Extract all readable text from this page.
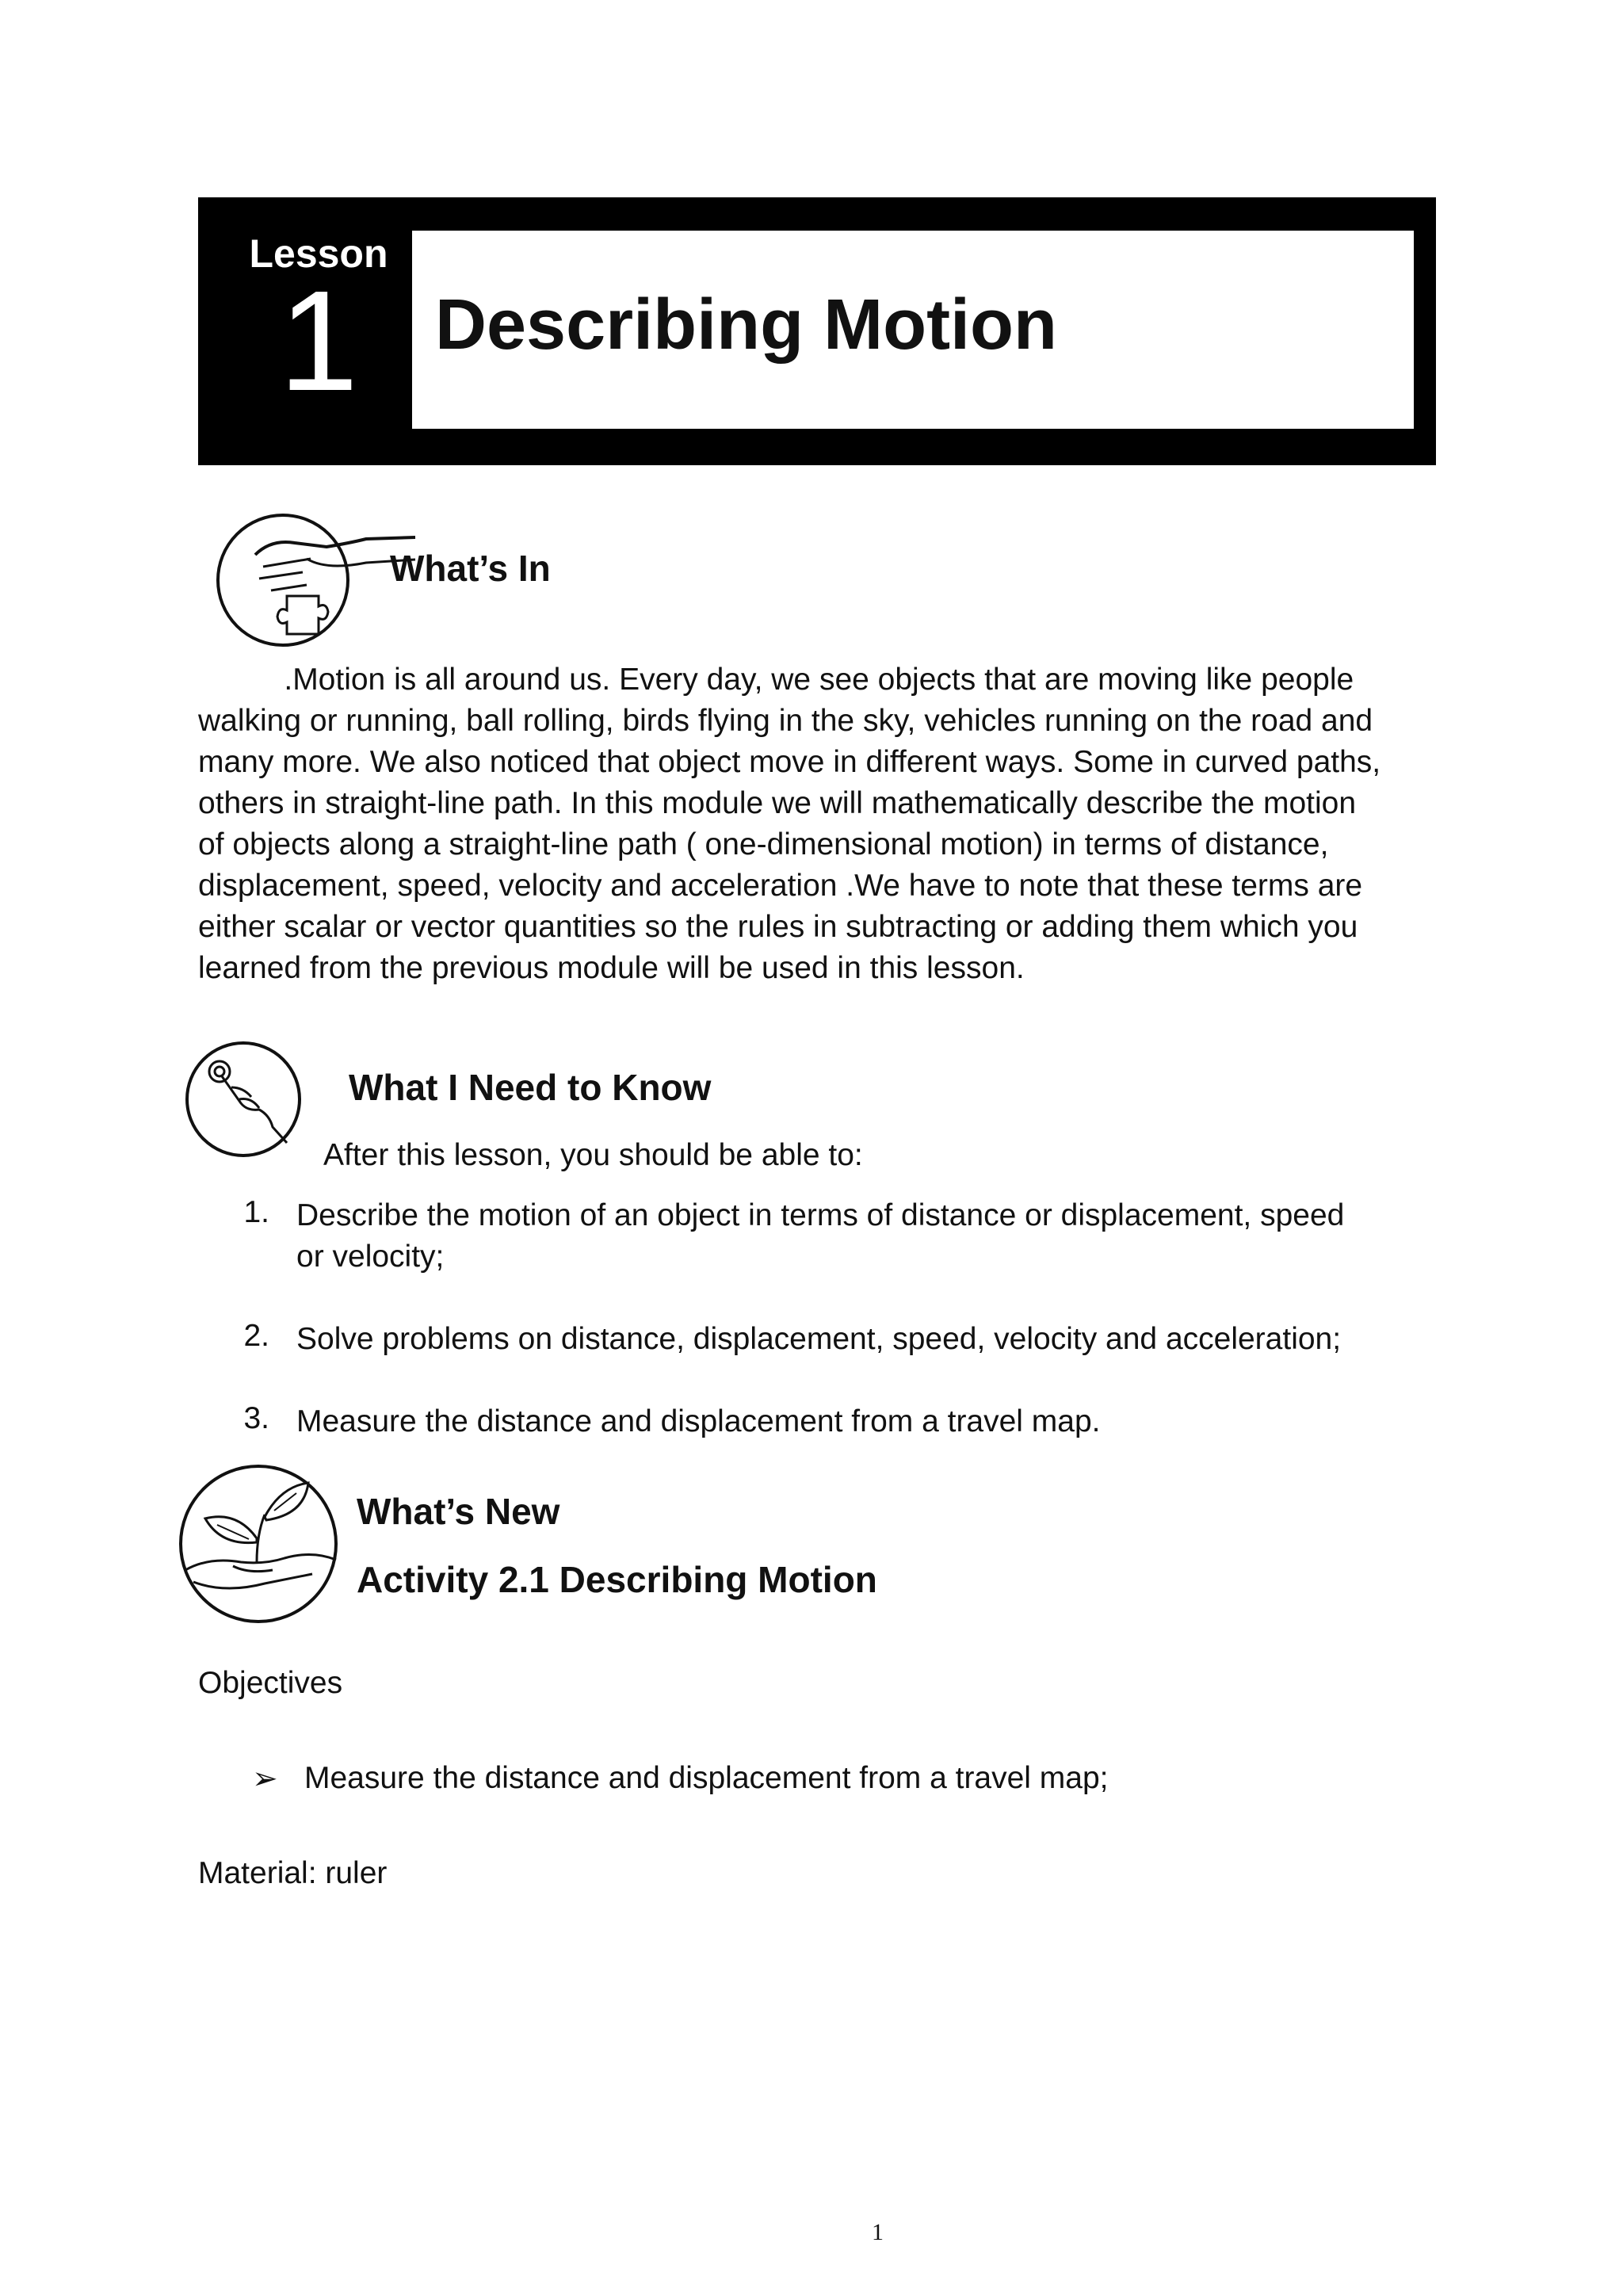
Lesson
1	Describing Motion
What’s In

.Motion is all around us. Every day, we see objects that are moving like people

walking or running, ball rolling, birds flying in the sky, vehicles running on the road and

many more. We also noticed that object move in different ways. Some in curved paths,

others in straight-line path. In this module we will mathematically describe the motion

of objects along a straight-line path ( one-dimensional motion) in terms of distance,

displacement, speed, velocity and acceleration .We have to note that these terms are

either scalar or vector quantities so the rules in subtracting or adding them which you

learned from the previous module will be used in this lesson.

What I Need to Know
After this lesson, you should be able to:
1. Describe the motion of an object in terms of distance or displacement, speed
or velocity;
2. Solve problems on distance, displacement, speed, velocity and acceleration;
3. Measure the distance and displacement from a travel map.
What’s New
Activity 2.1 Describing Motion
Objectives
➢ Measure the distance and displacement from a travel map;
Material: ruler
1
